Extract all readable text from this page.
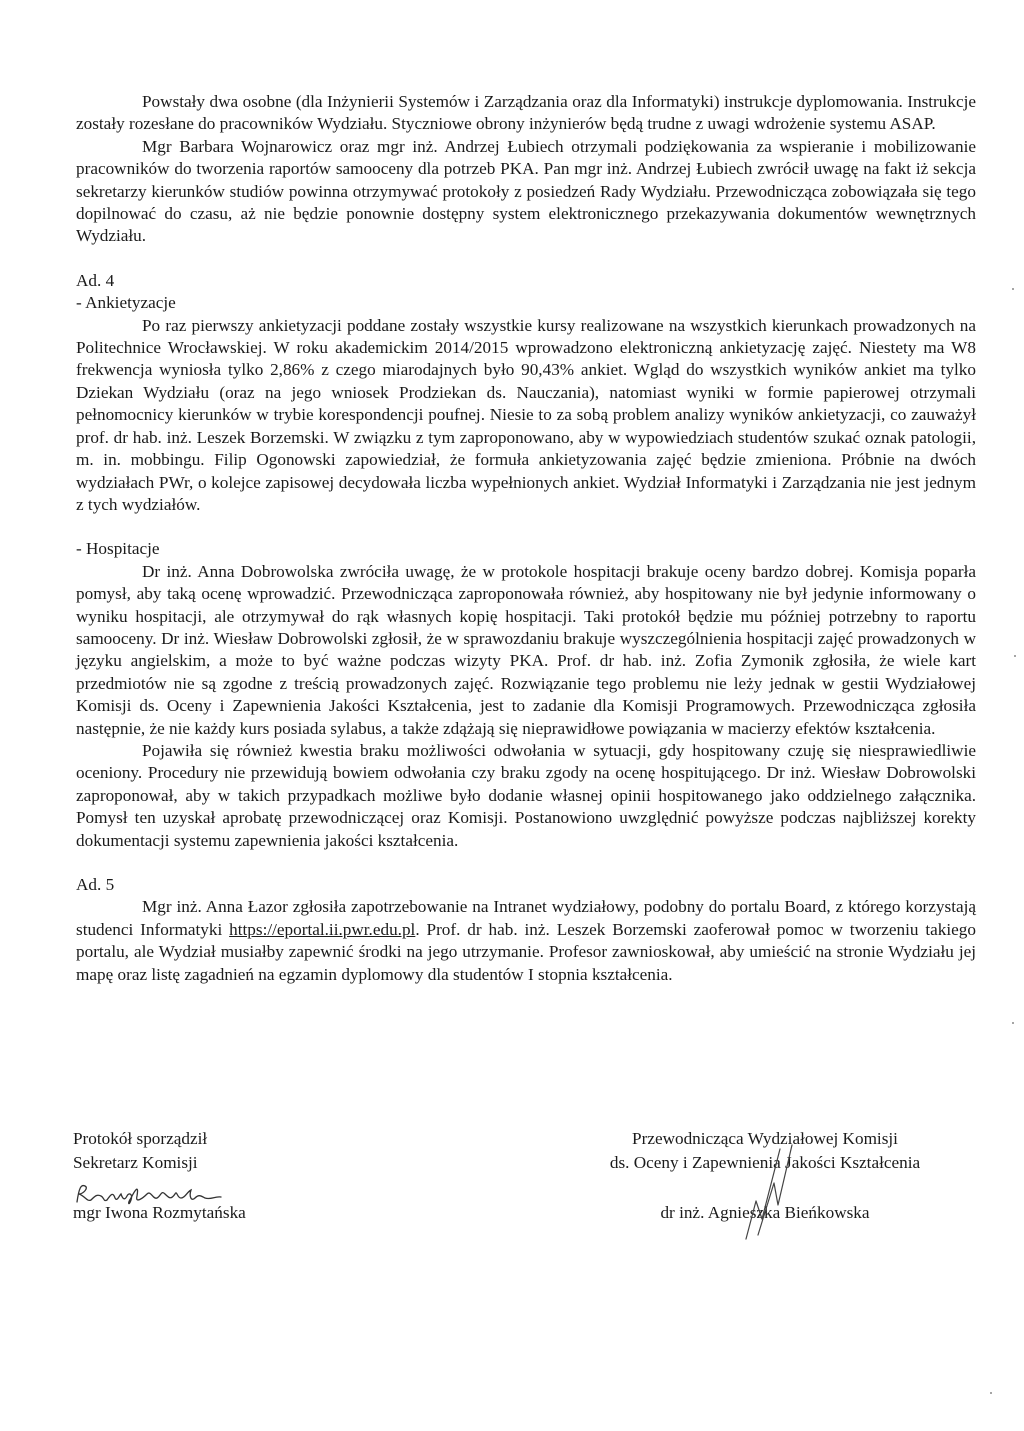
Powstały dwa osobne (dla Inżynierii Systemów i Zarządzania oraz dla Informatyki) instrukcje dyplomowania. Instrukcje zostały rozesłane do pracowników Wydziału. Styczniowe obrony inżynierów będą trudne z uwagi wdrożenie systemu ASAP.

Mgr Barbara Wojnarowicz oraz mgr inż. Andrzej Łubiech otrzymali podziękowania za wspieranie i mobilizowanie pracowników do tworzenia raportów samooceny dla potrzeb PKA. Pan mgr inż. Andrzej Łubiech zwrócił uwagę na fakt iż sekcja sekretarzy kierunków studiów powinna otrzymywać protokoły z posiedzeń Rady Wydziału. Przewodnicząca zobowiązała się tego dopilnować do czasu, aż nie będzie ponownie dostępny system elektronicznego przekazywania dokumentów wewnętrznych Wydziału.

Ad. 4

- Ankietyzacje

Po raz pierwszy ankietyzacji poddane zostały wszystkie kursy realizowane na wszystkich kierunkach prowadzonych na Politechnice Wrocławskiej. W roku akademickim 2014/2015 wprowadzono elektroniczną ankietyzację zajęć. Niestety ma W8 frekwencja wyniosła tylko 2,86% z czego miarodajnych było 90,43% ankiet. Wgląd do wszystkich wyników ankiet ma tylko Dziekan Wydziału (oraz na jego wniosek Prodziekan ds. Nauczania), natomiast wyniki w formie papierowej otrzymali pełnomocnicy kierunków w trybie korespondencji poufnej. Niesie to za sobą problem analizy wyników ankietyzacji, co zauważył prof. dr hab. inż. Leszek Borzemski. W związku z tym zaproponowano, aby w wypowiedziach studentów szukać oznak patologii, m. in. mobbingu. Filip Ogonowski zapowiedział, że formuła ankietyzowania zajęć będzie zmieniona. Próbnie na dwóch wydziałach PWr, o kolejce zapisowej decydowała liczba wypełnionych ankiet. Wydział Informatyki i Zarządzania nie jest jednym z tych wydziałów.

- Hospitacje

Dr inż. Anna Dobrowolska zwróciła uwagę, że w protokole hospitacji brakuje oceny bardzo dobrej. Komisja poparła pomysł, aby taką ocenę wprowadzić. Przewodnicząca zaproponowała również, aby hospitowany nie był jedynie informowany o wyniku hospitacji, ale otrzymywał do rąk własnych kopię hospitacji. Taki protokół będzie mu później potrzebny to raportu samooceny. Dr inż. Wiesław Dobrowolski zgłosił, że w sprawozdaniu brakuje wyszczególnienia hospitacji zajęć prowadzonych w języku angielskim, a może to być ważne podczas wizyty PKA. Prof. dr hab. inż. Zofia Zymonik zgłosiła, że wiele kart przedmiotów nie są zgodne z treścią prowadzonych zajęć. Rozwiązanie tego problemu nie leży jednak w gestii Wydziałowej Komisji ds. Oceny i Zapewnienia Jakości Kształcenia, jest to zadanie dla Komisji Programowych. Przewodnicząca zgłosiła następnie, że nie każdy kurs posiada sylabus, a także zdążają się nieprawidłowe powiązania w macierzy efektów kształcenia.

Pojawiła się również kwestia braku możliwości odwołania w sytuacji, gdy hospitowany czuję się niesprawiedliwie oceniony. Procedury nie przewidują bowiem odwołania czy braku zgody na ocenę hospitującego. Dr inż. Wiesław Dobrowolski zaproponował, aby w takich przypadkach możliwe było dodanie własnej opinii hospitowanego jako oddzielnego załącznika. Pomysł ten uzyskał aprobatę przewodniczącej oraz Komisji. Postanowiono uwzględnić powyższe podczas najbliższej korekty dokumentacji systemu zapewnienia jakości kształcenia.

Ad. 5

Mgr inż. Anna Łazor zgłosiła zapotrzebowanie na Intranet wydziałowy, podobny do portalu Board, z którego korzystają studenci Informatyki https://eportal.ii.pwr.edu.pl. Prof. dr hab. inż. Leszek Borzemski zaoferował pomoc w tworzeniu takiego portalu, ale Wydział musiałby zapewnić środki na jego utrzymanie. Profesor zawnioskował, aby umieścić na stronie Wydziału jej mapę oraz listę zagadnień na egzamin dyplomowy dla studentów I stopnia kształcenia.

Protokół sporządził

Sekretarz Komisji

mgr Iwona Rozmytańska

Przewodnicząca Wydziałowej Komisji

ds. Oceny i Zapewnienia Jakości Kształcenia

dr inż. Agnieszka Bieńkowska
